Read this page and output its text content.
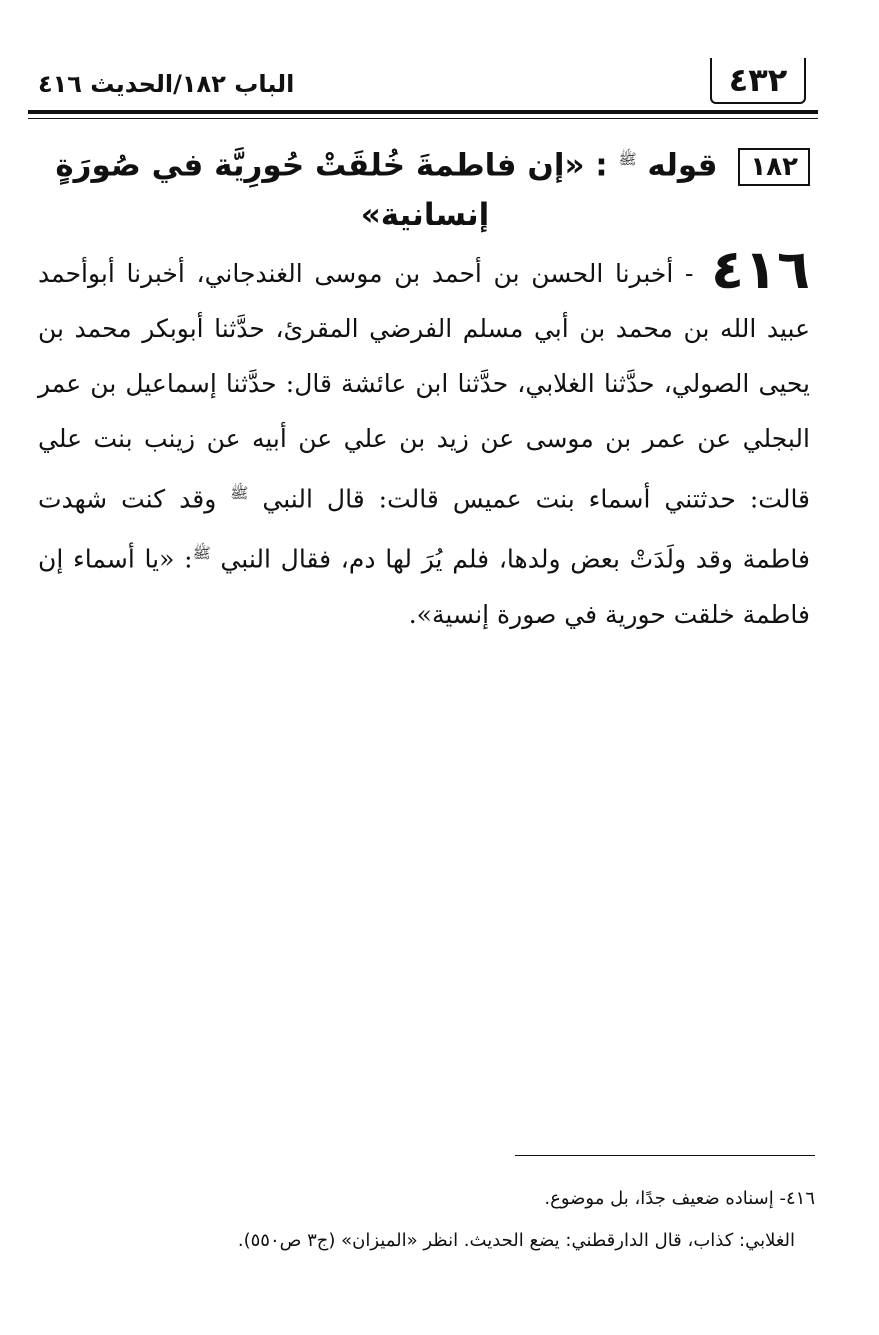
٤٣٢
الباب ١٨٢/الحديث ٤١٦
١٨٢ قوله $^ﷺ$ : «إن فاطمةَ خُلقَتْ حُورِيَّة في صُورَةٍ
إنسانية»
٤١٦ - أخبرنا الحسن بن أحمد بن موسى الغندجاني، أخبرنا أبوأحمد عبيد الله بن محمد بن أبي مسلم الفرضي المقرئ، حدَّثنا أبوبكر محمد بن يحيى الصولي، حدَّثنا الغلابي، حدَّثنا ابن عائشة قال: حدَّثنا إسماعيل بن عمر البجلي عن عمر بن موسى عن زيد بن علي عن أبيه عن زينب بنت علي قالت: حدثتني أسماء بنت عميس قالت: قال النبي $^ﷺ$ وقد كنت شهدت فاطمة وقد ولَدَتْ بعض ولدها، فلم يُرَ لها دم، فقال النبي $^ﷺ$: «يا أسماء إن فاطمة خلقت حورية في صورة إنسية».
٤١٦- إسناده ضعيف جدًا، بل موضوع.
الغلابي: كذاب، قال الدارقطني: يضع الحديث. انظر «الميزان» (ج٣ ص٥٥٠).
